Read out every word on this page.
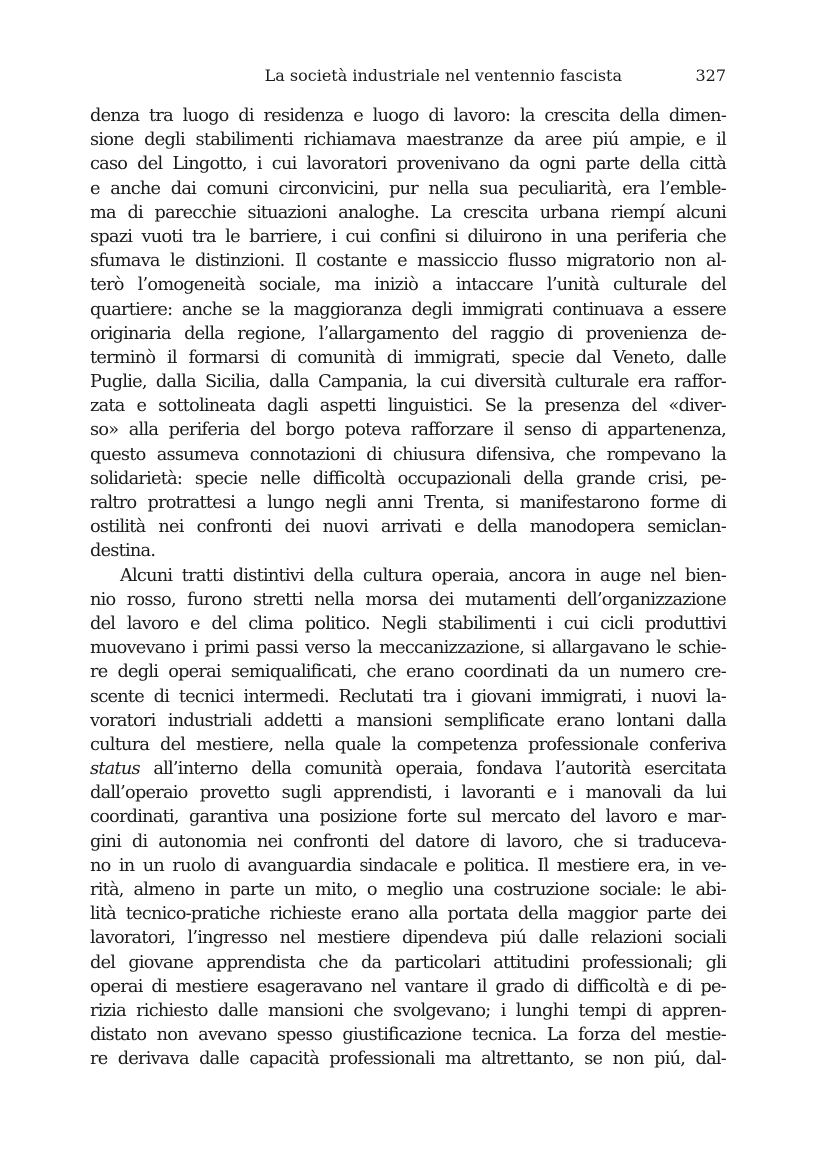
La società industriale nel ventennio fascista	327
denza tra luogo di residenza e luogo di lavoro: la crescita della dimen-
sione degli stabilimenti richiamava maestranze da aree piú ampie, e il
caso del Lingotto, i cui lavoratori provenivano da ogni parte della città
e anche dai comuni circonvicini, pur nella sua peculiarità, era l’emble-
ma di parecchie situazioni analoghe. La crescita urbana riempí alcuni
spazi vuoti tra le barriere, i cui confini si diluirono in una periferia che
sfumava le distinzioni. Il costante e massiccio flusso migratorio non al-
terò l’omogeneità sociale, ma iniziò a intaccare l’unità culturale del
quartiere: anche se la maggioranza degli immigrati continuava a essere
originaria della regione, l’allargamento del raggio di provenienza de-
terminò il formarsi di comunità di immigrati, specie dal Veneto, dalle
Puglie, dalla Sicilia, dalla Campania, la cui diversità culturale era raffor-
zata e sottolineata dagli aspetti linguistici. Se la presenza del «diver-
so» alla periferia del borgo poteva rafforzare il senso di appartenenza,
questo assumeva connotazioni di chiusura difensiva, che rompevano la
solidarietà: specie nelle difficoltà occupazionali della grande crisi, pe-
raltro protrattesi a lungo negli anni Trenta, si manifestarono forme di
ostilità nei confronti dei nuovi arrivati e della manodopera semiclan-
destina.
Alcuni tratti distintivi della cultura operaia, ancora in auge nel bien-
nio rosso, furono stretti nella morsa dei mutamenti dell’organizzazione
del lavoro e del clima politico. Negli stabilimenti i cui cicli produttivi
muovevano i primi passi verso la meccanizzazione, si allargavano le schie-
re degli operai semiqualificati, che erano coordinati da un numero cre-
scente di tecnici intermedi. Reclutati tra i giovani immigrati, i nuovi la-
voratori industriali addetti a mansioni semplificate erano lontani dalla
cultura del mestiere, nella quale la competenza professionale conferiva
status all’interno della comunità operaia, fondava l’autorità esercitata
dall’operaio provetto sugli apprendisti, i lavoranti e i manovali da lui
coordinati, garantiva una posizione forte sul mercato del lavoro e mar-
gini di autonomia nei confronti del datore di lavoro, che si traduceva-
no in un ruolo di avanguardia sindacale e politica. Il mestiere era, in ve-
rità, almeno in parte un mito, o meglio una costruzione sociale: le abi-
lità tecnico-pratiche richieste erano alla portata della maggior parte dei
lavoratori, l’ingresso nel mestiere dipendeva piú dalle relazioni sociali
del giovane apprendista che da particolari attitudini professionali; gli
operai di mestiere esageravano nel vantare il grado di difficoltà e di pe-
rizia richiesto dalle mansioni che svolgevano; i lunghi tempi di appren-
distato non avevano spesso giustificazione tecnica. La forza del mestie-
re derivava dalle capacità professionali ma altrettanto, se non piú, dal-
